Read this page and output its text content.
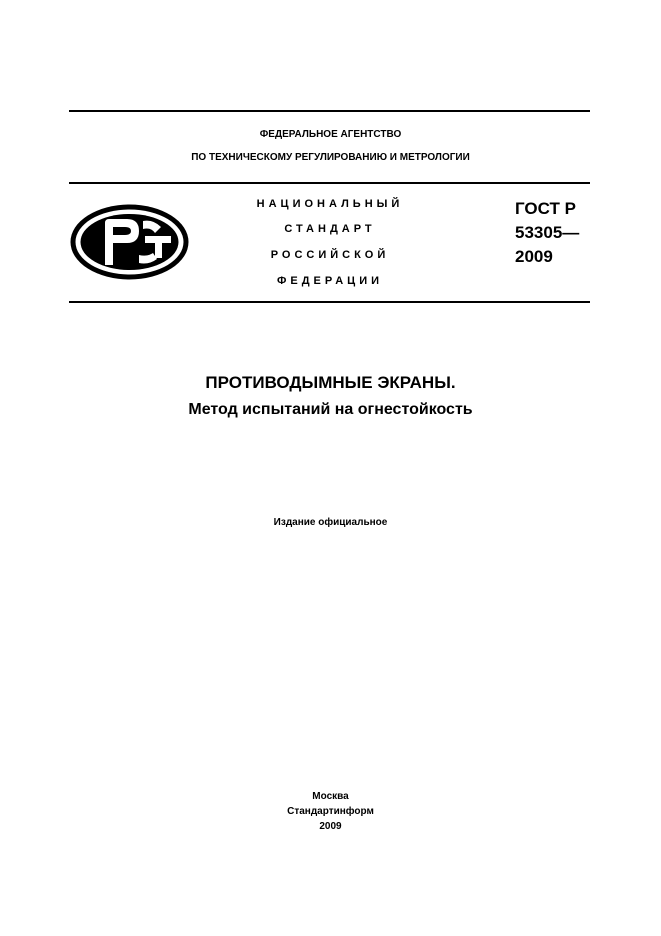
ФЕДЕРАЛЬНОЕ АГЕНТСТВО
ПО ТЕХНИЧЕСКОМУ РЕГУЛИРОВАНИЮ И МЕТРОЛОГИИ
НАЦИОНАЛЬНЫЙ
СТАНДАРТ
РОССИЙСКОЙ
ФЕДЕРАЦИИ
ГОСТ Р
53305—
2009
ПРОТИВОДЫМНЫЕ ЭКРАНЫ.
Метод испытаний на огнестойкость
Издание официальное
Москва
Стандартинформ
2009
